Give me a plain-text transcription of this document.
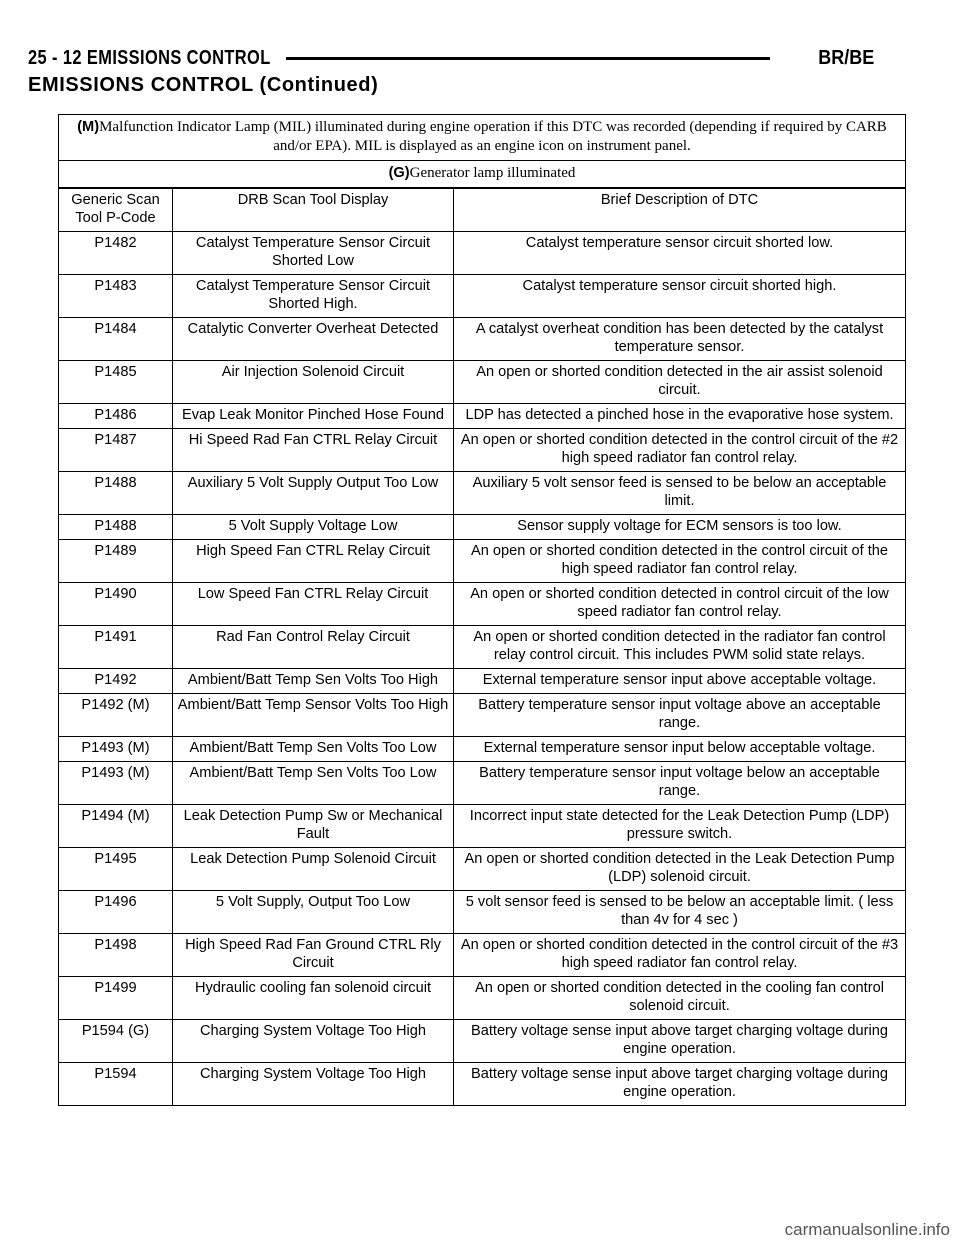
25 - 12 EMISSIONS CONTROL	BR/BE
EMISSIONS CONTROL (Continued)
(M)Malfunction Indicator Lamp (MIL) illuminated during engine operation if this DTC was recorded (depending if required by CARB and/or EPA). MIL is displayed as an engine icon on instrument panel.		
(G)Generator lamp illuminated		
Generic Scan Tool P-Code	DRB Scan Tool Display	Brief Description of DTC
P1482	Catalyst Temperature Sensor Circuit Shorted Low	Catalyst temperature sensor circuit shorted low.
P1483	Catalyst Temperature Sensor Circuit Shorted High.	Catalyst temperature sensor circuit shorted high.
P1484	Catalytic Converter Overheat Detected	A catalyst overheat condition has been detected by the catalyst temperature sensor.
P1485	Air Injection Solenoid Circuit	An open or shorted condition detected in the air assist solenoid circuit.
P1486	Evap Leak Monitor Pinched Hose Found	LDP has detected a pinched hose in the evaporative hose system.
P1487	Hi Speed Rad Fan CTRL Relay Circuit	An open or shorted condition detected in the control circuit of the #2 high speed radiator fan control relay.
P1488	Auxiliary 5 Volt Supply Output Too Low	Auxiliary 5 volt sensor feed is sensed to be below an acceptable limit.
P1488	5 Volt Supply Voltage Low	Sensor supply voltage for ECM sensors is too low.
P1489	High Speed Fan CTRL Relay Circuit	An open or shorted condition detected in the control circuit of the high speed radiator fan control relay.
P1490	Low Speed Fan CTRL Relay Circuit	An open or shorted condition detected in control circuit of the low speed radiator fan control relay.
P1491	Rad Fan Control Relay Circuit	An open or shorted condition detected in the radiator fan control relay control circuit. This includes PWM solid state relays.
P1492	Ambient/Batt Temp Sen Volts Too High	External temperature sensor input above acceptable voltage.
P1492 (M)	Ambient/Batt Temp Sensor Volts Too High	Battery temperature sensor input voltage above an acceptable range.
P1493 (M)	Ambient/Batt Temp Sen Volts Too Low	External temperature sensor input below acceptable voltage.
P1493 (M)	Ambient/Batt Temp Sen Volts Too Low	Battery temperature sensor input voltage below an acceptable range.
P1494 (M)	Leak Detection Pump Sw or Mechanical Fault	Incorrect input state detected for the Leak Detection Pump (LDP) pressure switch.
P1495	Leak Detection Pump Solenoid Circuit	An open or shorted condition detected in the Leak Detection Pump (LDP) solenoid circuit.
P1496	5 Volt Supply, Output Too Low	5 volt sensor feed is sensed to be below an acceptable limit. ( less than 4v for 4 sec )
P1498	High Speed Rad Fan Ground CTRL Rly Circuit	An open or shorted condition detected in the control circuit of the #3 high speed radiator fan control relay.
P1499	Hydraulic cooling fan solenoid circuit	An open or shorted condition detected in the cooling fan control solenoid circuit.
P1594 (G)	Charging System Voltage Too High	Battery voltage sense input above target charging voltage during engine operation.
P1594	Charging System Voltage Too High	Battery voltage sense input above target charging voltage during engine operation.
carmanualsonline.info
